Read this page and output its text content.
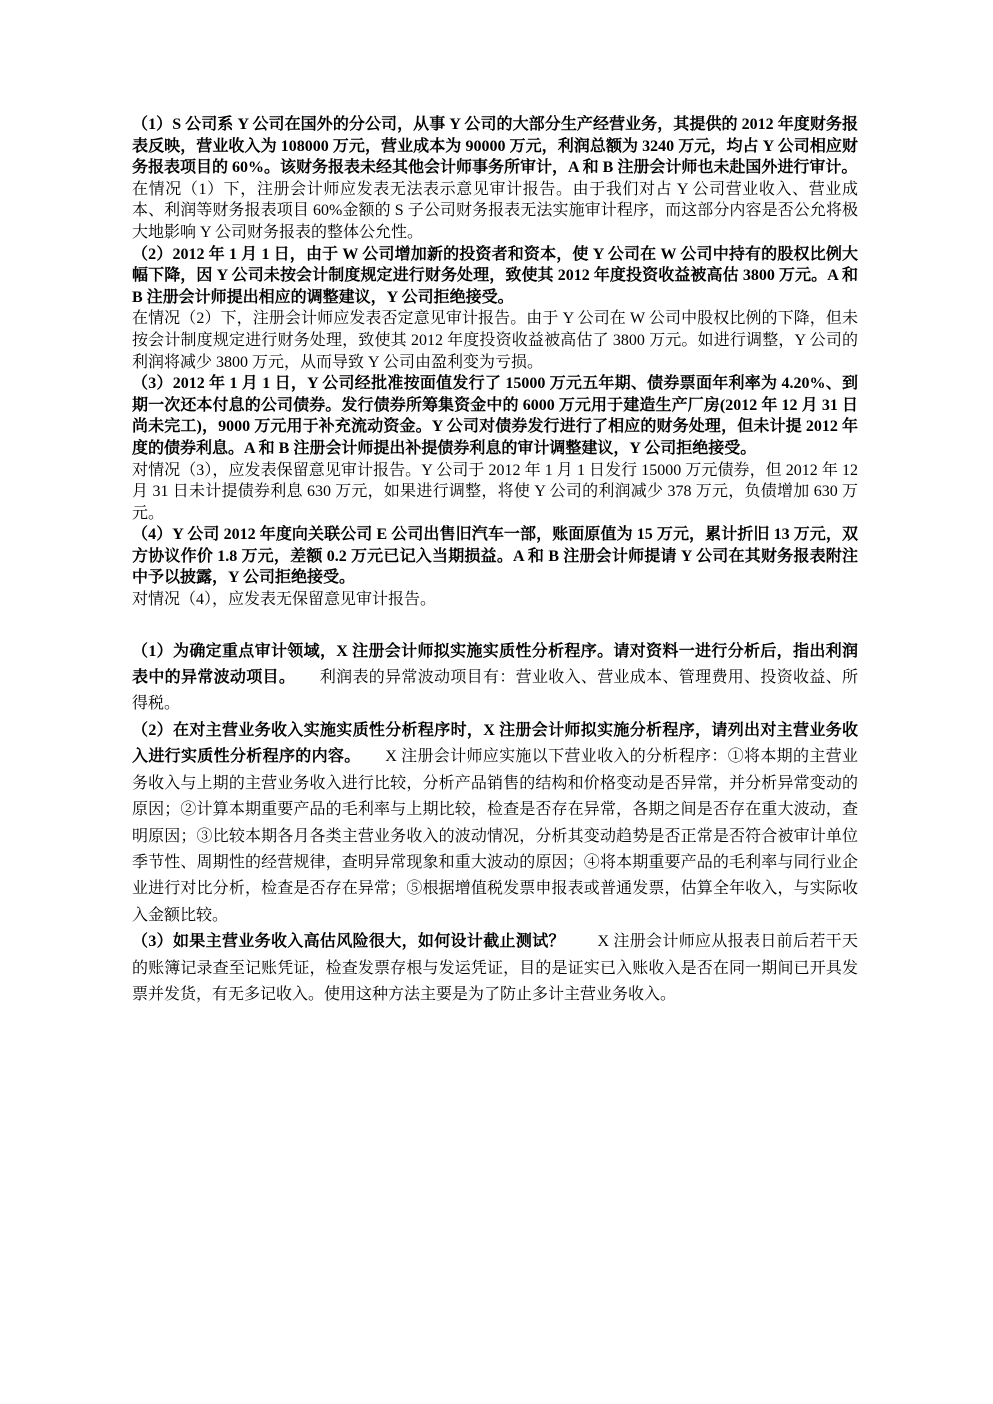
（1）S 公司系 Y 公司在国外的分公司，从事 Y 公司的大部分生产经营业务，其提供的 2012 年度财务报表反映，营业收入为 108000 万元，营业成本为 90000 万元，利润总额为 3240 万元，均占 Y 公司相应财务报表项目的 60%。该财务报表未经其他会计师事务所审计，A 和 B 注册会计师也未赴国外进行审计。

在情况（1）下，注册会计师应发表无法表示意见审计报告。由于我们对占 Y 公司营业收入、营业成本、利润等财务报表项目 60%金额的 S 子公司财务报表无法实施审计程序，而这部分内容是否公允将极大地影响 Y 公司财务报表的整体公允性。

（2）2012 年 1 月 1 日，由于 W 公司增加新的投资者和资本，使 Y 公司在 W 公司中持有的股权比例大幅下降，因 Y 公司未按会计制度规定进行财务处理，致使其 2012 年度投资收益被高估 3800 万元。A 和 B 注册会计师提出相应的调整建议，Y 公司拒绝接受。

在情况（2）下，注册会计师应发表否定意见审计报告。由于 Y 公司在 W 公司中股权比例的下降，但未按会计制度规定进行财务处理，致使其 2012 年度投资收益被高估了 3800 万元。如进行调整，Y 公司的利润将减少 3800 万元，从而导致 Y 公司由盈利变为亏损。

（3）2012 年 1 月 1 日，Y 公司经批准按面值发行了 15000 万元五年期、债券票面年利率为 4.20%、到期一次还本付息的公司债券。发行债券所筹集资金中的 6000 万元用于建造生产厂房(2012 年 12 月 31 日尚未完工)，9000 万元用于补充流动资金。Y 公司对债券发行进行了相应的财务处理，但未计提 2012 年度的债券利息。A 和 B 注册会计师提出补提债券利息的审计调整建议，Y 公司拒绝接受。

对情况（3），应发表保留意见审计报告。Y 公司于 2012 年 1 月 1 日发行 15000 万元债券，但 2012 年 12 月 31 日未计提债券利息 630 万元，如果进行调整，将使 Y 公司的利润减少 378 万元，负债增加 630 万元。

（4）Y 公司 2012 年度向关联公司 E 公司出售旧汽车一部，账面原值为 15 万元，累计折旧 13 万元，双方协议作价 1.8 万元，差额 0.2 万元已记入当期损益。A 和 B 注册会计师提请 Y 公司在其财务报表附注中予以披露，Y 公司拒绝接受。

对情况（4），应发表无保留意见审计报告。

（1）为确定重点审计领域，X 注册会计师拟实施实质性分析程序。请对资料一进行分析后，指出利润表中的异常波动项目。　　利润表的异常波动项目有：营业收入、营业成本、管理费用、投资收益、所得税。

（2）在对主营业务收入实施实质性分析程序时，X 注册会计师拟实施分析程序，请列出对主营业务收入进行实质性分析程序的内容。　　X 注册会计师应实施以下营业收入的分析程序：①将本期的主营业务收入与上期的主营业务收入进行比较，分析产品销售的结构和价格变动是否异常，并分析异常变动的原因；②计算本期重要产品的毛利率与上期比较，检查是否存在异常，各期之间是否存在重大波动，查明原因；③比较本期各月各类主营业务收入的波动情况，分析其变动趋势是否正常是否符合被审计单位季节性、周期性的经营规律，查明异常现象和重大波动的原因；④将本期重要产品的毛利率与同行业企业进行对比分析，检查是否存在异常；⑤根据增值税发票申报表或普通发票，估算全年收入，与实际收入金额比较。

（3）如果主营业务收入高估风险很大，如何设计截止测试？　　X 注册会计师应从报表日前后若干天的账簿记录查至记账凭证，检查发票存根与发运凭证，目的是证实已入账收入是否在同一期间已开具发票并发货，有无多记收入。使用这种方法主要是为了防止多计主营业务收入。
